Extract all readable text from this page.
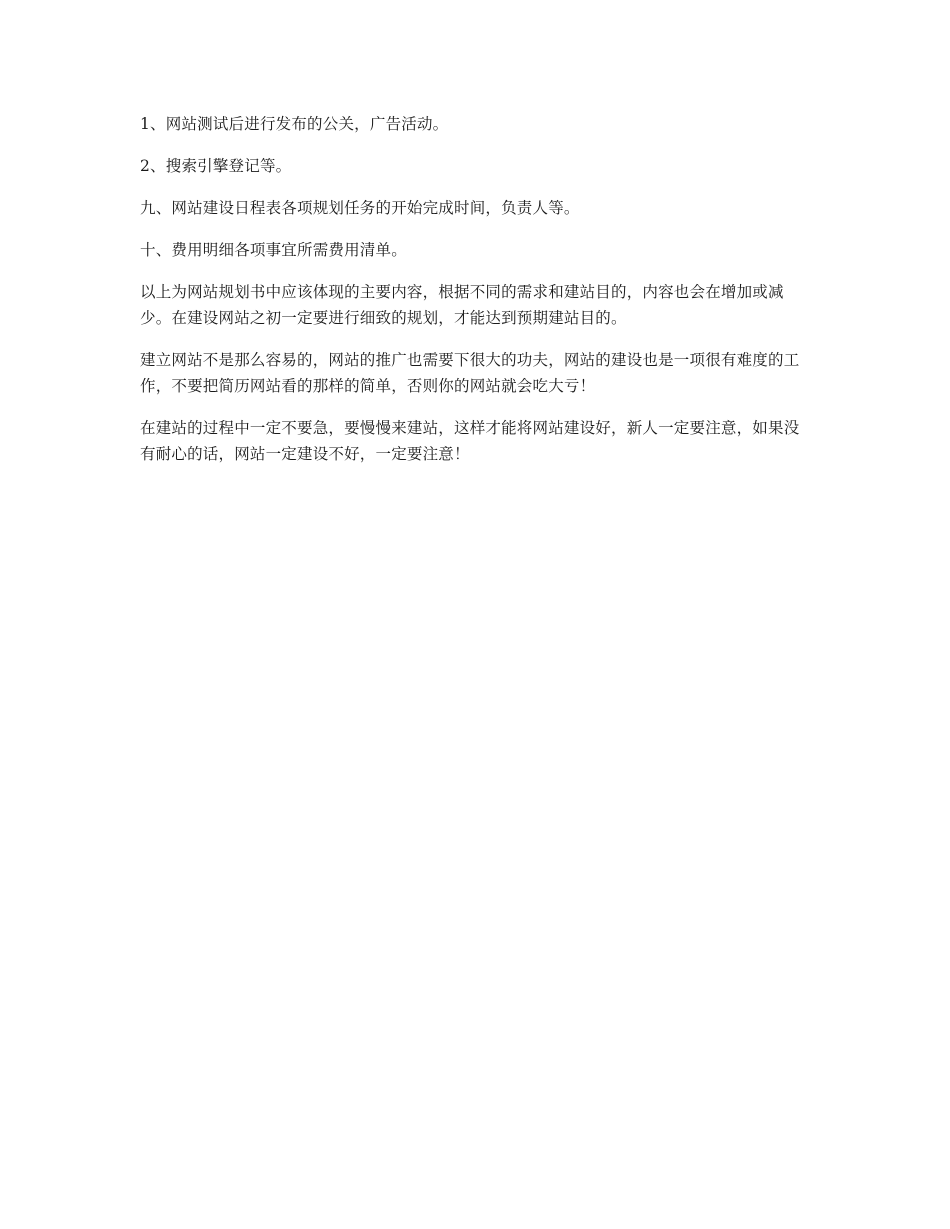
1、网站测试后进行发布的公关，广告活动。

2、搜索引擎登记等。

九、网站建设日程表各项规划任务的开始完成时间，负责人等。

十、费用明细各项事宜所需费用清单。

以上为网站规划书中应该体现的主要内容，根据不同的需求和建站目的，内容也会在增加或减少。在建设网站之初一定要进行细致的规划，才能达到预期建站目的。

建立网站不是那么容易的，网站的推广也需要下很大的功夫，网站的建设也是一项很有难度的工作，不要把简历网站看的那样的简单，否则你的网站就会吃大亏！

在建站的过程中一定不要急，要慢慢来建站，这样才能将网站建设好，新人一定要注意，如果没有耐心的话，网站一定建设不好，一定要注意！
